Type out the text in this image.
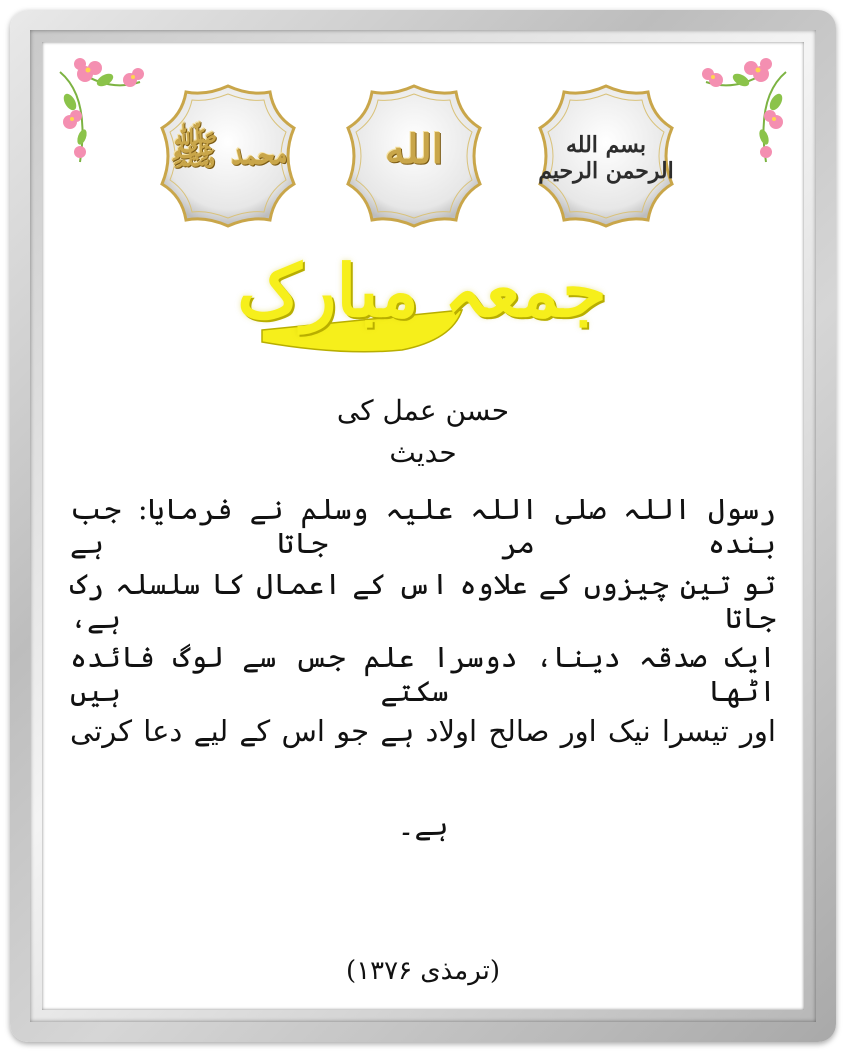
محمد ﷺ	الله	بسم الله الرحمن الرحیم
جمعہ مبارک
حسن عمل کی
حدیث
رسول اللہ صلی اللہ علیہ وسلم نے فرمایا: جب بندہ مر جاتا ہے
تو تین چیزوں کے علاوہ اس کے اعمال کا سلسلہ رک جاتا ہے،
ایک صدقہ دینا، دوسرا علم جس سے لوگ فائدہ اٹھا سکتے ہیں
اور تیسرا نیک اور صالح اولاد ہے جو اس کے لیے دعا کرتی
ہے۔
(ترمذی ۱۳۷۶)
